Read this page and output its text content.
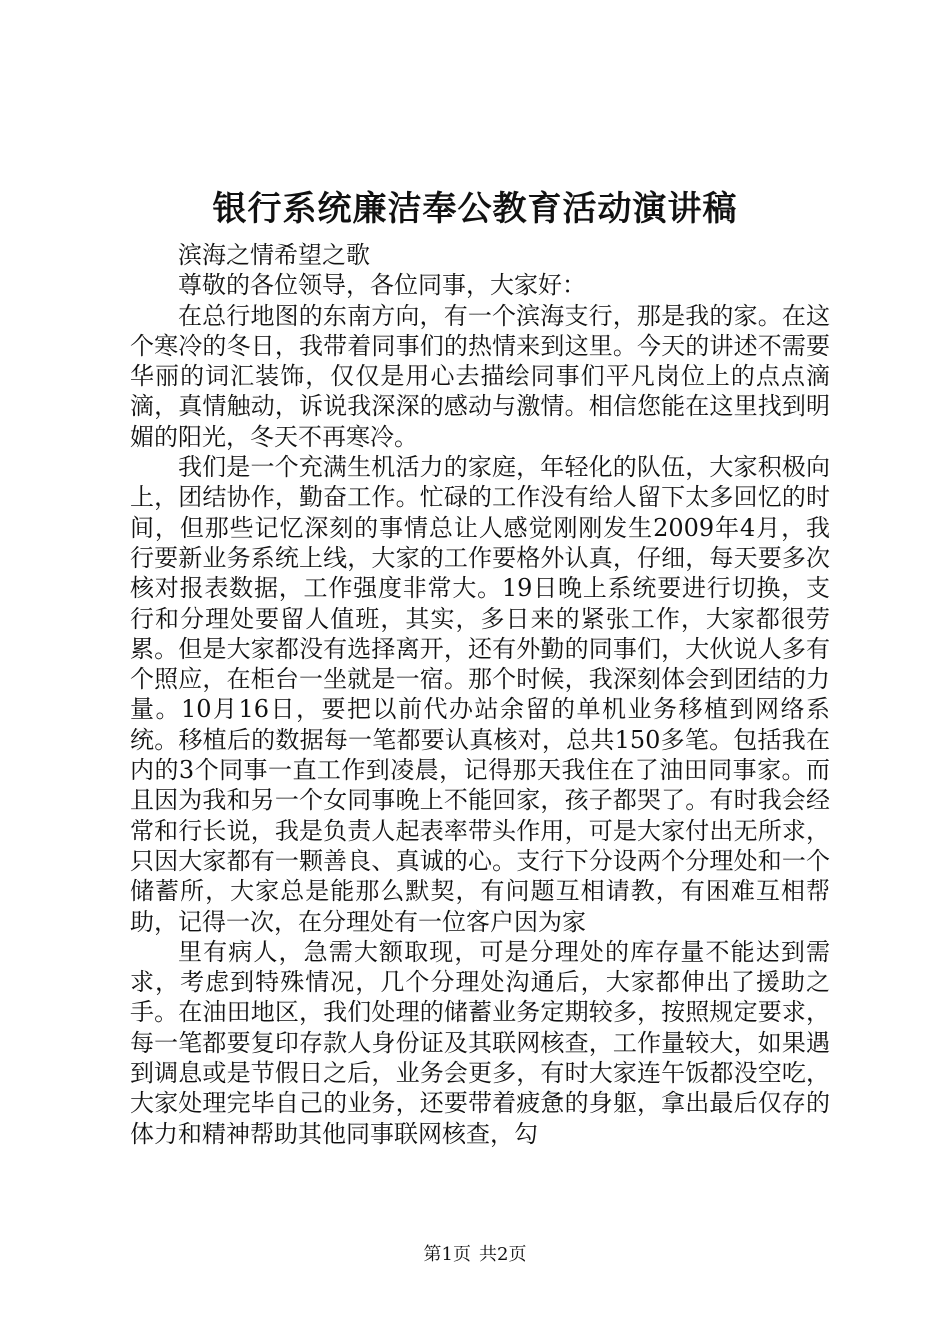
银行系统廉洁奉公教育活动演讲稿

滨海之情希望之歌

尊敬的各位领导，各位同事，大家好：

在总行地图的东南方向，有一个滨海支行，那是我的家。在这个寒冷的冬日，我带着同事们的热情来到这里。今天的讲述不需要华丽的词汇装饰，仅仅是用心去描绘同事们平凡岗位上的点点滴滴，真情触动，诉说我深深的感动与激情。相信您能在这里找到明媚的阳光，冬天不再寒冷。

我们是一个充满生机活力的家庭，年轻化的队伍，大家积极向上，团结协作，勤奋工作。忙碌的工作没有给人留下太多回忆的时间，但那些记忆深刻的事情总让人感觉刚刚发生2009年4月，我行要新业务系统上线，大家的工作要格外认真，仔细，每天要多次核对报表数据，工作强度非常大。19日晚上系统要进行切换，支行和分理处要留人值班，其实，多日来的紧张工作，大家都很劳累。但是大家都没有选择离开，还有外勤的同事们，大伙说人多有个照应，在柜台一坐就是一宿。那个时候，我深刻体会到团结的力量。10月16日，要把以前代办站余留的单机业务移植到网络系统。移植后的数据每一笔都要认真核对，总共150多笔。包括我在内的3个同事一直工作到凌晨，记得那天我住在了油田同事家。而且因为我和另一个女同事晚上不能回家，孩子都哭了。有时我会经常和行长说，我是负责人起表率带头作用，可是大家付出无所求，只因大家都有一颗善良、真诚的心。支行下分设两个分理处和一个储蓄所，大家总是能那么默契，有问题互相请教，有困难互相帮助，记得一次，在分理处有一位客户因为家

里有病人，急需大额取现，可是分理处的库存量不能达到需求，考虑到特殊情况，几个分理处沟通后，大家都伸出了援助之手。在油田地区，我们处理的储蓄业务定期较多，按照规定要求，每一笔都要复印存款人身份证及其联网核查，工作量较大，如果遇到调息或是节假日之后，业务会更多，有时大家连午饭都没空吃，大家处理完毕自己的业务，还要带着疲惫的身躯，拿出最后仅存的体力和精神帮助其他同事联网核查，勾

第1页 共2页
